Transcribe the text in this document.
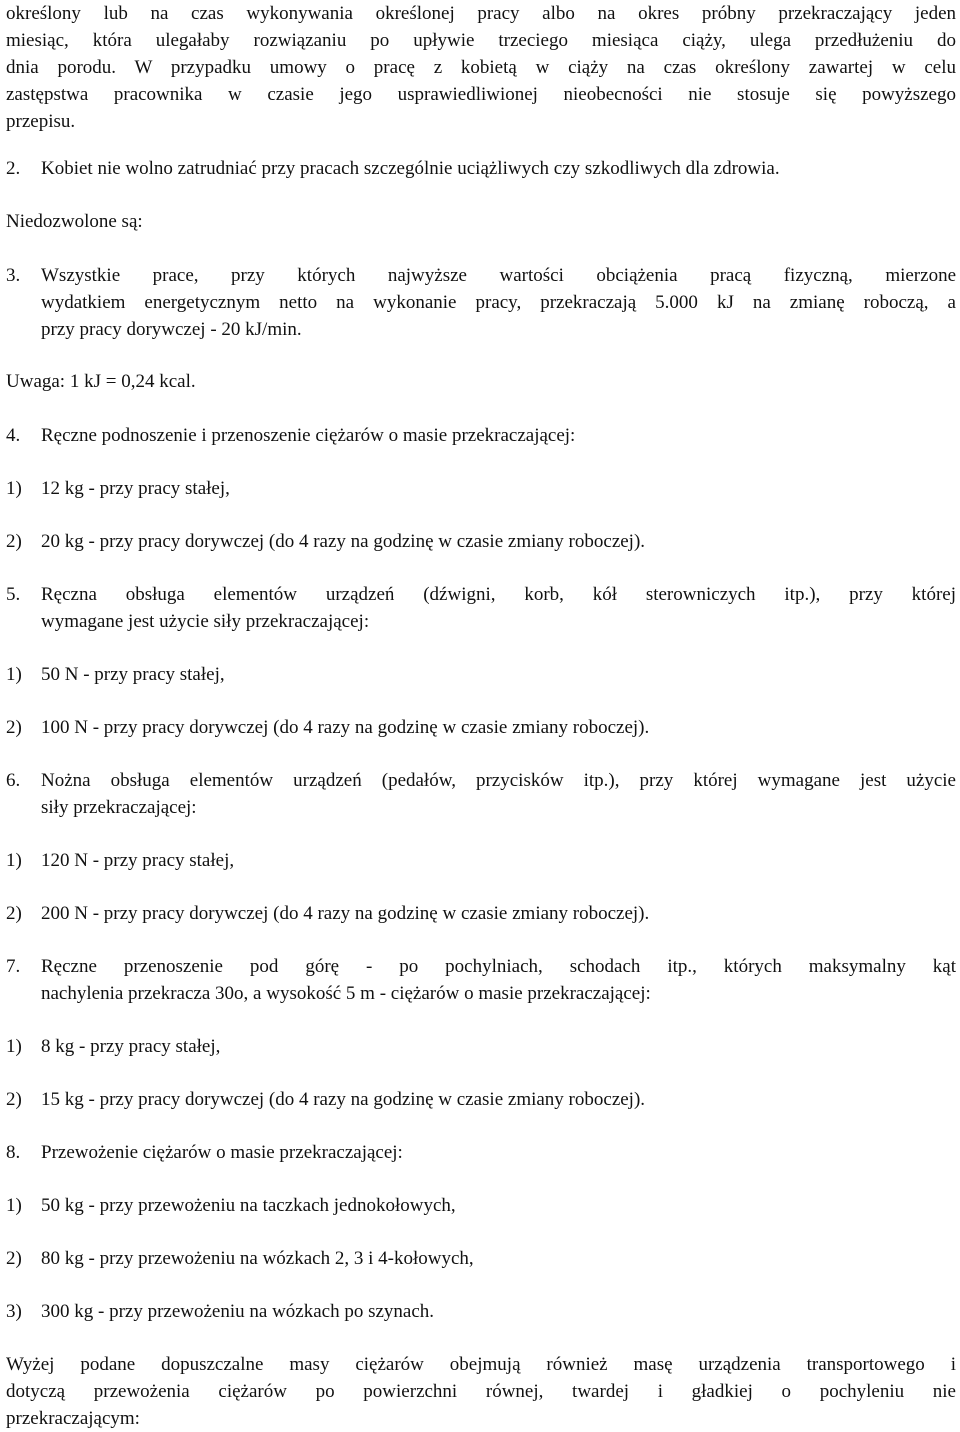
określony lub na czas wykonywania określonej pracy albo na okres próbny przekraczający jeden
miesiąc, która ulegałaby rozwiązaniu po upływie trzeciego miesiąca ciąży, ulega przedłużeniu do
dnia porodu. W przypadku umowy o pracę z kobietą w ciąży na czas określony zawartej w celu
zastępstwa pracownika w czasie jego usprawiedliwionej nieobecności nie stosuje się powyższego
przepisu.
2.	Kobiet nie wolno zatrudniać przy pracach szczególnie uciążliwych czy szkodliwych dla zdrowia.
Niedozwolone są:
3.	Wszystkie prace, przy których najwyższe wartości obciążenia pracą fizyczną, mierzone
wydatkiem energetycznym netto na wykonanie pracy, przekraczają 5.000 kJ na zmianę roboczą, a
przy pracy dorywczej - 20 kJ/min.
Uwaga: 1 kJ = 0,24 kcal.
4.	Ręczne podnoszenie i przenoszenie ciężarów o masie przekraczającej:
1)	12 kg - przy pracy stałej,
2)	20 kg - przy pracy dorywczej (do 4 razy na godzinę w czasie zmiany roboczej).
5.	Ręczna obsługa elementów urządzeń (dźwigni, korb, kół sterowniczych itp.), przy której
wymagane jest użycie siły przekraczającej:
1)	50 N - przy pracy stałej,
2)	100 N - przy pracy dorywczej (do 4 razy na godzinę w czasie zmiany roboczej).
6.	Nożna obsługa elementów urządzeń (pedałów, przycisków itp.), przy której wymagane jest użycie
siły przekraczającej:
1)	120 N - przy pracy stałej,
2)	200 N - przy pracy dorywczej (do 4 razy na godzinę w czasie zmiany roboczej).
7.	Ręczne przenoszenie pod górę - po pochylniach, schodach itp., których maksymalny kąt
nachylenia przekracza 30o, a wysokość 5 m - ciężarów o masie przekraczającej:
1)	8 kg - przy pracy stałej,
2)	15 kg - przy pracy dorywczej (do 4 razy na godzinę w czasie zmiany roboczej).
8.	Przewożenie ciężarów o masie przekraczającej:
1)	50 kg - przy przewożeniu na taczkach jednokołowych,
2)	80 kg - przy przewożeniu na wózkach 2, 3 i 4-kołowych,
3)	300 kg - przy przewożeniu na wózkach po szynach.
Wyżej podane dopuszczalne masy ciężarów obejmują również masę urządzenia transportowego i
dotyczą przewożenia ciężarów po powierzchni równej, twardej i gładkiej o pochyleniu nie
przekraczającym:
